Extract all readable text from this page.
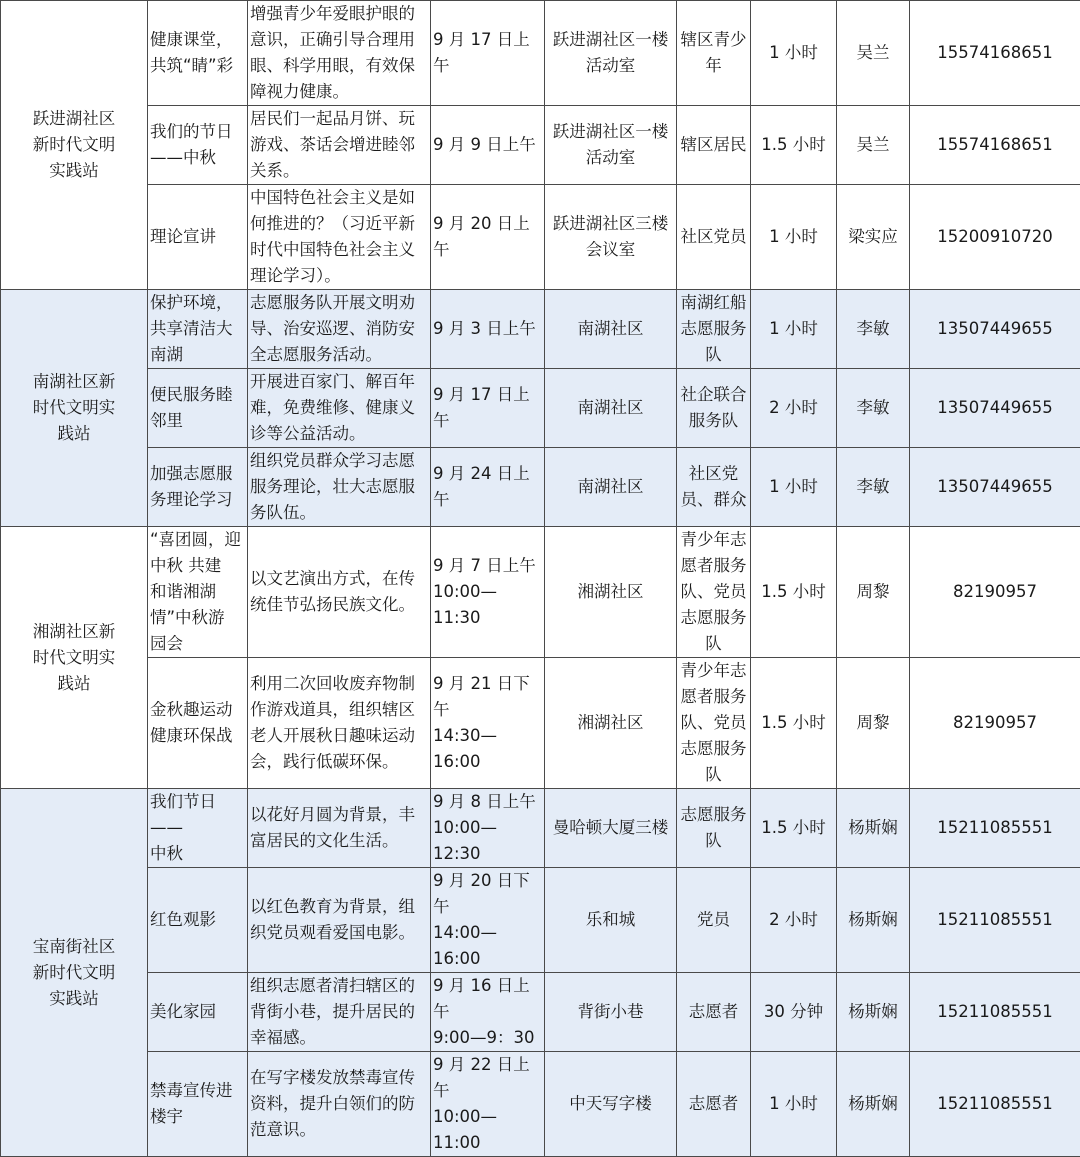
跃进湖社区
新时代文明
实践站	健康课堂，
共筑“睛”彩	增强青少年爱眼护眼的
意识，正确引导合理用
眼、科学用眼，有效保
障视力健康。	9 月 17 日上午	跃进湖社区一楼
活动室	辖区青少
年	1 小时	吴兰	15574168651

	我们的节日
——中秋	居民们一起品月饼、玩
游戏、茶话会增进睦邻
关系。	9 月 9 日上午	跃进湖社区一楼
活动室	辖区居民	1.5 小时	吴兰	15574168651

	理论宣讲	中国特色社会主义是如
何推进的？（习近平新
时代中国特色社会主义
理论学习）。	9 月 20 日上午	跃进湖社区三楼
会议室	社区党员	1 小时	梁实应	15200910720

南湖社区新
时代文明实
践站	保护环境，
共享清洁大
南湖	志愿服务队开展文明劝
导、治安巡逻、消防安
全志愿服务活动。	9 月 3 日上午	南湖社区	南湖红船
志愿服务
队	1 小时	李敏	13507449655

	便民服务睦
邻里	开展进百家门、解百年
难，免费维修、健康义
诊等公益活动。	9 月 17 日上午	南湖社区	社企联合
服务队	2 小时	李敏	13507449655

	加强志愿服
务理论学习	组织党员群众学习志愿
服务理论，壮大志愿服
务队伍。	9 月 24 日上午	南湖社区	社区党
员、群众	1 小时	李敏	13507449655

湘湖社区新
时代文明实
践站	“喜团圆，迎
中秋 共建
和谐湘湖
情”中秋游
园会	以文艺演出方式，在传
统佳节弘扬民族文化。	9 月 7 日上午
10:00—11:30	湘湖社区	青少年志
愿者服务
队、党员
志愿服务
队	1.5 小时	周黎	82190957

	金秋趣运动
健康环保战	利用二次回收废弃物制
作游戏道具，组织辖区
老人开展秋日趣味运动
会，践行低碳环保。	9 月 21 日下午
14:30—16:00	湘湖社区	青少年志
愿者服务
队、党员
志愿服务
队	1.5 小时	周黎	82190957

宝南街社区
新时代文明
实践站	我们节日——
中秋	以花好月圆为背景，丰
富居民的文化生活。	9 月 8 日上午
10:00—12:30	曼哈顿大厦三楼	志愿服务
队	1.5 小时	杨斯娴	15211085551

	红色观影	以红色教育为背景，组
织党员观看爱国电影。	9 月 20 日下午
14:00—16:00	乐和城	党员	2 小时	杨斯娴	15211085551

	美化家园	组织志愿者清扫辖区的
背街小巷，提升居民的
幸福感。	9 月 16 日上午
9:00—9：30	背街小巷	志愿者	30 分钟	杨斯娴	15211085551

	禁毒宣传进
楼宇	在写字楼发放禁毒宣传
资料，提升白领们的防
范意识。	9 月 22 日上午
10:00—11:00	中天写字楼	志愿者	1 小时	杨斯娴	15211085551
